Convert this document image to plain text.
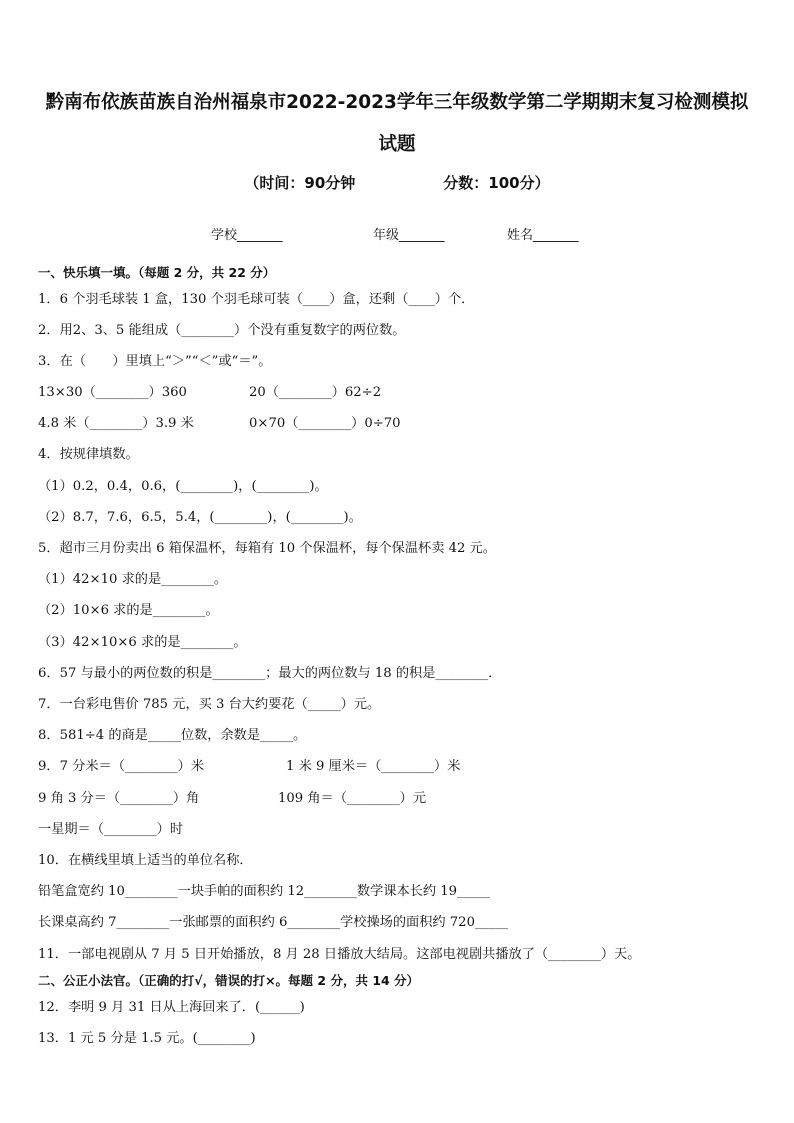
黔南布依族苗族自治州福泉市2022-2023学年三年级数学第二学期期末复习检测模拟
试题
（时间：90分钟	分数：100分）
学校_______	年级_______	姓名_______
一、快乐填一填。（每题 2 分，共 22 分）
1．6 个羽毛球装 1 盒，130 个羽毛球可装（____）盒，还剩（____）个．
2．用2、3、5 能组成（________）个没有重复数字的两位数。
3．在（　　）里填上“＞”“＜”或“＝”。
13×30（________）360	20（________）62÷2
4.8 米（________）3.9 米	0×70（________）0÷70
4．按规律填数。
（1）0.2，0.4，0.6，(________)，(________)。
（2）8.7，7.6，6.5，5.4，(________)，(________)。
5．超市三月份卖出 6 箱保温杯，每箱有 10 个保温杯，每个保温杯卖 42 元。
（1）42×10 求的是________。
（2）10×6 求的是________。
（3）42×10×6 求的是________。
6．57 与最小的两位数的积是________；最大的两位数与 18 的积是________．
7．一台彩电售价 785 元，买 3 台大约要花（_____）元。
8．581÷4 的商是_____位数，余数是_____。
9．7 分米＝（________）米	1 米 9 厘米＝（________）米
9 角 3 分＝（________）角	109 角＝（________）元
一星期＝（________）时
10．在横线里填上适当的单位名称．
铅笔盒宽约 10________一块手帕的面积约 12________数学课本长约 19_____
长课桌高约 7________一张邮票的面积约 6________学校操场的面积约 720_____
11．一部电视剧从 7 月 5 日开始播放，8 月 28 日播放大结局。这部电视剧共播放了（________）天。
二、公正小法官。（正确的打√，错误的打×。每题 2 分，共 14 分）
12．李明 9 月 31 日从上海回来了．(______)
13．1 元 5 分是 1.5 元。(________)
